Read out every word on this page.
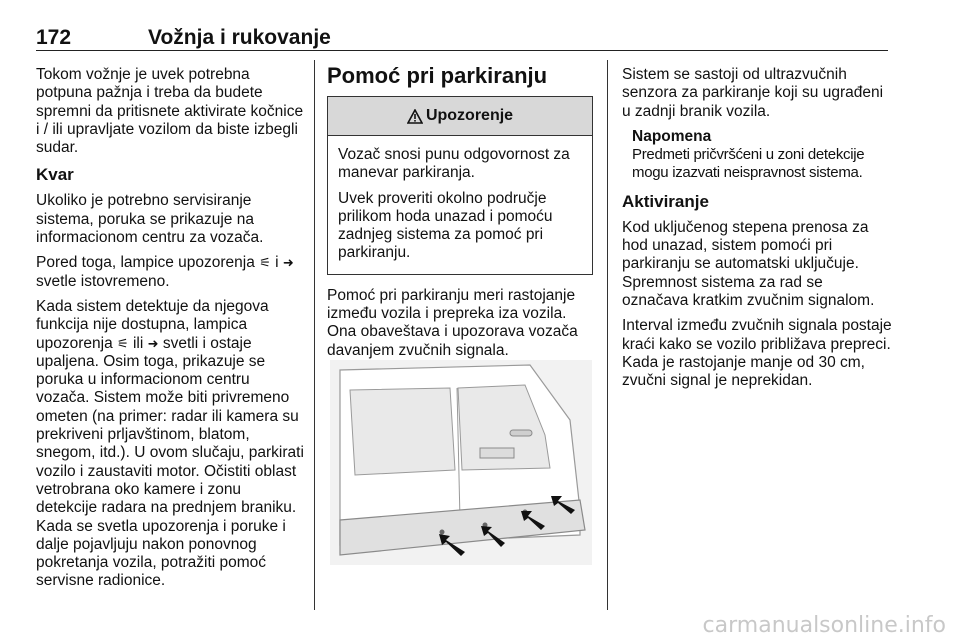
172	Vožnja i rukovanje

Tokom vožnje je uvek potrebna potpuna pažnja i treba da budete spremni da pritisnete aktivirate kočnice i / ili upravljate vozilom da biste izbegli sudar.

Kvar

Ukoliko je potrebno servisiranje sistema, poruka se prikazuje na informacionom centru za vozača.

Pored toga, lampice upozorenja ⚟ i ➜ svetle istovremeno.

Kada sistem detektuje da njegova funkcija nije dostupna, lampica upozorenja ⚟ ili ➜ svetli i ostaje upaljena. Osim toga, prikazuje se poruka u informacionom centru vozača. Sistem može biti privremeno ometen (na primer: radar ili kamera su prekriveni prljavštinom, blatom, snegom, itd.). U ovom slučaju, parkirati vozilo i zaustaviti motor. Očistiti oblast vetrobrana oko kamere i zonu detekcije radara na prednjem braniku. Kada se svetla upozorenja i poruke i dalje pojavljuju nakon ponovnog pokretanja vozila, potražiti pomoć servisne radionice.

Pomoć pri parkiranju
Upozorenje

Vozač snosi punu odgovornost za manevar parkiranja.

Uvek proveriti okolno područje prilikom hoda unazad i pomoću zadnjeg sistema za pomoć pri parkiranju.

Pomoć pri parkiranju meri rastojanje između vozila i prepreka iza vozila. Ona obaveštava i upozorava vozača davanjem zvučnih signala.

Sistem se sastoji od ultrazvučnih senzora za parkiranje koji su ugrađeni u zadnji branik vozila.

Napomena
Predmeti pričvršćeni u zoni detekcije mogu izazvati neispravnost sistema.
Aktiviranje

Kod uključenog stepena prenosa za hod unazad, sistem pomoći pri parkiranju se automatski uključuje. Spremnost sistema za rad se označava kratkim zvučnim signalom.

Interval između zvučnih signala postaje kraći kako se vozilo približava prepreci. Kada je rastojanje manje od 30 cm, zvučni signal je neprekidan.

carmanualsonline.info
